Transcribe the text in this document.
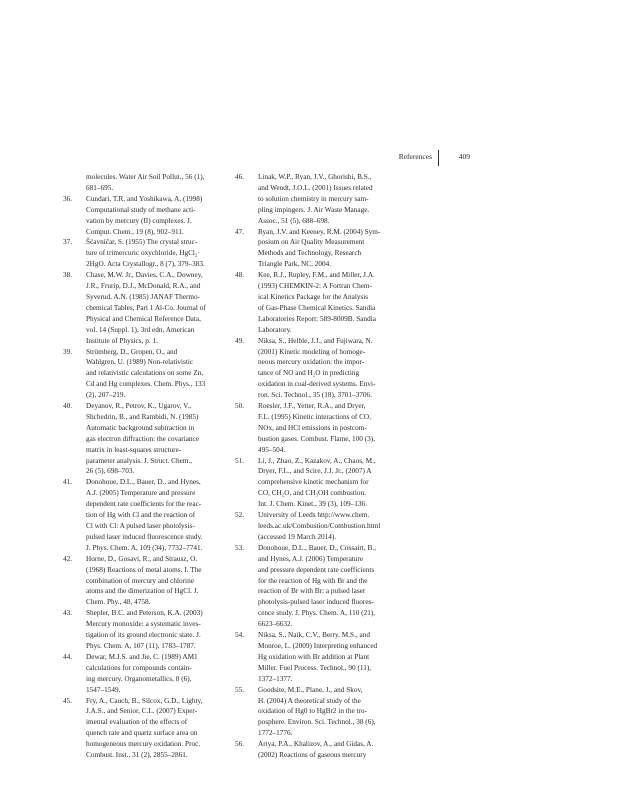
References	409
molecules. Water Air Soil Pollut., 56 (1),
681–695.
36.	Cundari, T.R. and Yoshikawa, A. (1998)
Computational study of methane acti-
vation by mercury (II) complexes. J.
Comput. Chem., 19 (8), 902–911.
37.	Šćavničar, S. (1955) The crystal struc-
ture of trimercuric oxychloride, HgCl₂·
2HgO. Acta Crystallogr., 8 (7), 379–383.
38.	Chase, M.W. Jr., Davies, C.A., Downey,
J.R., Frurip, D.J., McDonald, R.A., and
Syverud, A.N. (1985) JANAF Thermo-
chemical Tables, Part 1 Al-Co. Journal of
Physical and Chemical Reference Data,
vol. 14 (Suppl. 1), 3rd edn, American
Institute of Physics, p. 1.
39.	Strömberg, D., Gropen, O., and
Wahlgren, U. (1989) Non-relativistic
and relativistic calculations on some Zn,
Cd and Hg complexes. Chem. Phys., 133
(2), 207–219.
40.	Deyanov, R., Petrov, K., Ugarov, V.,
Shchedrin, B., and Rambidi, N. (1985)
Automatic background subtraction in
gas electron diffraction: the covariance
matrix in least-squares structure-
parameter analysis. J. Struct. Chem.,
26 (5), 698–703.
41.	Donohoue, D.L., Bauer, D., and Hynes,
A.J. (2005) Temperature and pressure
dependent rate coefficients for the reac-
tion of Hg with Cl and the reaction of
Cl with Cl: A pulsed laser photolysis-
pulsed laser induced fluorescence study.
J. Phys. Chem. A, 109 (34), 7732–7741.
42.	Horne, D., Gosavi, R., and Strausz, O.
(1968) Reactions of metal atoms. I. The
combination of mercury and chlorine
atoms and the dimerization of HgCl. J.
Chem. Phy., 48, 4758.
43.	Shepler, B.C. and Peterson, K.A. (2003)
Mercury monoxide: a systematic inves-
tigation of its ground electronic state. J.
Phys. Chem. A, 107 (11), 1783–1787.
44.	Dewar, M.J.S. and Jie, C. (1989) AM1
calculations for compounds contain-
ing mercury. Organometallics, 8 (6),
1547–1549.
45.	Fry, A., Cauch, B., Silcox, G.D., Lighty,
J.A.S., and Senior, C.L. (2007) Exper-
imental evaluation of the effects of
quench rate and quartz surface area on
homogeneous mercury oxidation. Proc.
Combust. Inst., 31 (2), 2855–2861.
46.	Linak, W.P., Ryan, J.V., Ghorishi, B.S.,
and Wendt, J.O.L. (2001) Issues related
to solution chemistry in mercury sam-
pling impingers. J. Air Waste Manage.
Assoc., 51 (5), 688–698.
47.	Ryan, J.V. and Keeney, R.M. (2004) Sym-
posium on Air Quality Measurement
Methods and Technology, Research
Triangle Park, NC, 2004.
48.	Kee, R.J., Rupley, F.M., and Miller, J.A.
(1993) CHEMKIN-2: A Fortran Chem-
ical Kinetics Package for the Analysis
of Gas-Phase Chemical Kinetics. Sandia
Laboratories Report: 589-8009B. Sandia
Laboratory.
49.	Niksa, S., Helble, J.J., and Fujiwara, N.
(2001) Kinetic modeling of homoge-
neous mercury oxidation: the impor-
tance of NO and H₂O in predicting
oxidation in coal-derived systems. Envi-
ron. Sci. Technol., 35 (18), 3701–3706.
50.	Roesler, J.F., Yetter, R.A., and Dryer,
F.L. (1995) Kinetic interactions of CO,
NOx, and HCl emissions in postcom-
bustion gases. Combust. Flame, 100 (3),
495–504.
51.	Li, J., Zhao, Z., Kazakov, A., Chaos, M.,
Dryer, F.L., and Scire, J.J. Jr., (2007) A
comprehensive kinetic mechanism for
CO, CH₂O, and CH₃OH combustion.
Int. J. Chem. Kinet., 39 (3), 109–136.
52.	University of Leeds http://www.chem.
leeds.ac.uk/Combustion/Combustion.html
(accessed 19 March 2014).
53.	Donohoue, D.L., Bauer, D., Cossairt, B.,
and Hynes, A.J. (2006) Temperature
and pressure dependent rate coefficients
for the reaction of Hg with Br and the
reaction of Br with Br: a pulsed laser
photolysis-pulsed laser induced fluores-
cence study. J. Phys. Chem. A, 110 (21),
6623–6632.
54.	Niksa, S., Naik, C.V., Berry, M.S., and
Monroe, L. (2009) Interpreting enhanced
Hg oxidation with Br addition at Plant
Miller. Fuel Process. Technol., 90 (11),
1372–1377.
55.	Goodsite, M.E., Plane, J., and Skov,
H. (2004) A theoretical study of the
oxidation of Hg0 to HgBr2 in the tro-
posphere. Environ. Sci. Technol., 38 (6),
1772–1776.
56.	Ariya, P.A., Khalizov, A., and Gidas, A.
(2002) Reactions of gaseous mercury
